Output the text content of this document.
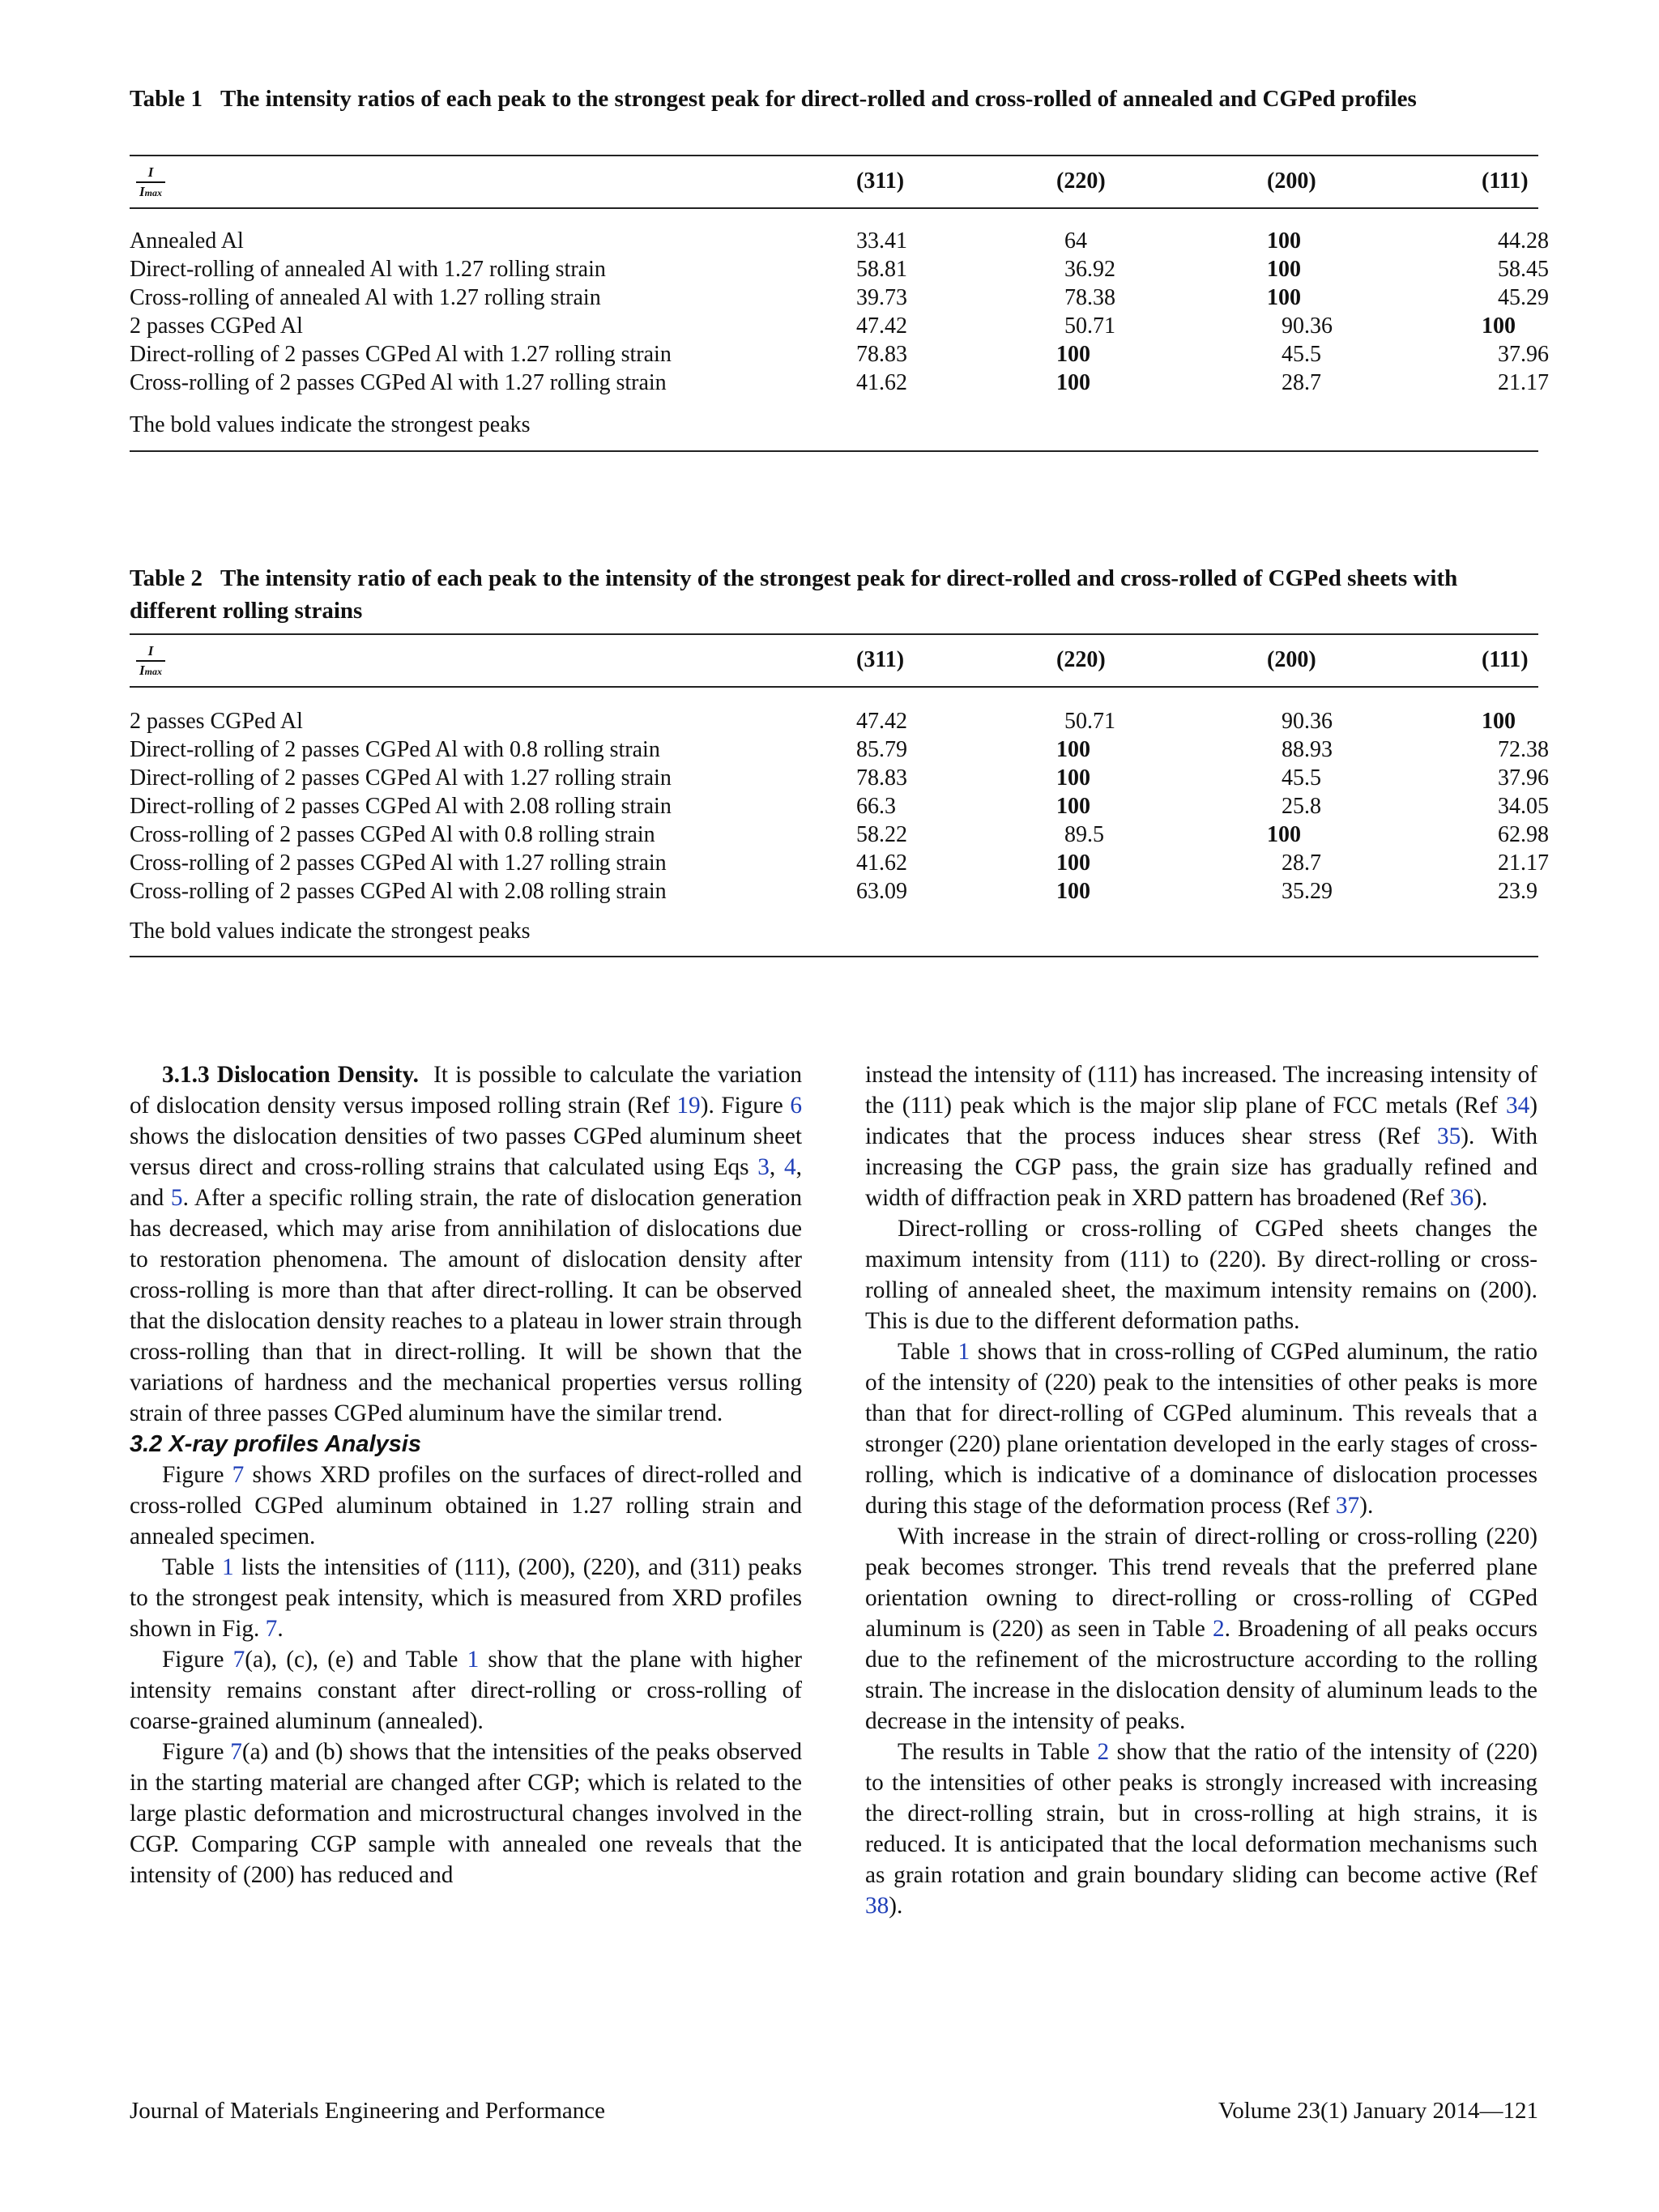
Table 1 The intensity ratios of each peak to the strongest peak for direct-rolled and cross-rolled of annealed and CGPed profiles
I
Imax	(311)	(220)	(200)	(111)
Annealed Al	33.41	64	100	44.28
Direct-rolling of annealed Al with 1.27 rolling strain	58.81	36.92	100	58.45
Cross-rolling of annealed Al with 1.27 rolling strain	39.73	78.38	100	45.29
2 passes CGPed Al	47.42	50.71	90.36	100
Direct-rolling of 2 passes CGPed Al with 1.27 rolling strain	78.83	100	45.5	37.96
Cross-rolling of 2 passes CGPed Al with 1.27 rolling strain	41.62	100	28.7	21.17
The bold values indicate the strongest peaks
Table 2 The intensity ratio of each peak to the intensity of the strongest peak for direct-rolled and cross-rolled of CGPed sheets with different rolling strains
I
Imax	(311)	(220)	(200)	(111)
2 passes CGPed Al	47.42	50.71	90.36	100
Direct-rolling of 2 passes CGPed Al with 0.8 rolling strain	85.79	100	88.93	72.38
Direct-rolling of 2 passes CGPed Al with 1.27 rolling strain	78.83	100	45.5	37.96
Direct-rolling of 2 passes CGPed Al with 2.08 rolling strain	66.3	100	25.8	34.05
Cross-rolling of 2 passes CGPed Al with 0.8 rolling strain	58.22	89.5	100	62.98
Cross-rolling of 2 passes CGPed Al with 1.27 rolling strain	41.62	100	28.7	21.17
Cross-rolling of 2 passes CGPed Al with 2.08 rolling strain	63.09	100	35.29	23.9
The bold values indicate the strongest peaks

3.1.3 Dislocation Density. It is possible to calculate the variation of dislocation density versus imposed rolling strain (Ref 19). Figure 6 shows the dislocation densities of two passes CGPed aluminum sheet versus direct and cross-rolling strains that calculated using Eqs 3, 4, and 5. After a specific rolling strain, the rate of dislocation generation has decreased, which may arise from annihilation of dislocations due to restoration phenomena. The amount of dislocation density after cross-rolling is more than that after direct-rolling. It can be observed that the dislocation density reaches to a plateau in lower strain through cross-rolling than that in direct-rolling. It will be shown that the variations of hardness and the mechanical properties versus rolling strain of three passes CGPed aluminum have the similar trend.

3.2 X-ray profiles Analysis

Figure 7 shows XRD profiles on the surfaces of direct-rolled and cross-rolled CGPed aluminum obtained in 1.27 rolling strain and annealed specimen.

Table 1 lists the intensities of (111), (200), (220), and (311) peaks to the strongest peak intensity, which is measured from XRD profiles shown in Fig. 7.

Figure 7(a), (c), (e) and Table 1 show that the plane with higher intensity remains constant after direct-rolling or cross-rolling of coarse-grained aluminum (annealed).

Figure 7(a) and (b) shows that the intensities of the peaks observed in the starting material are changed after CGP; which is related to the large plastic deformation and microstructural changes involved in the CGP. Comparing CGP sample with annealed one reveals that the intensity of (200) has reduced and

instead the intensity of (111) has increased. The increasing intensity of the (111) peak which is the major slip plane of FCC metals (Ref 34) indicates that the process induces shear stress (Ref 35). With increasing the CGP pass, the grain size has gradually refined and width of diffraction peak in XRD pattern has broadened (Ref 36).

Direct-rolling or cross-rolling of CGPed sheets changes the maximum intensity from (111) to (220). By direct-rolling or cross-rolling of annealed sheet, the maximum intensity remains on (200). This is due to the different deformation paths.

Table 1 shows that in cross-rolling of CGPed aluminum, the ratio of the intensity of (220) peak to the intensities of other peaks is more than that for direct-rolling of CGPed aluminum. This reveals that a stronger (220) plane orientation developed in the early stages of cross-rolling, which is indicative of a dominance of dislocation processes during this stage of the deformation process (Ref 37).

With increase in the strain of direct-rolling or cross-rolling (220) peak becomes stronger. This trend reveals that the preferred plane orientation owning to direct-rolling or cross-rolling of CGPed aluminum is (220) as seen in Table 2. Broadening of all peaks occurs due to the refinement of the microstructure according to the rolling strain. The increase in the dislocation density of aluminum leads to the decrease in the intensity of peaks.

The results in Table 2 show that the ratio of the intensity of (220) to the intensities of other peaks is strongly increased with increasing the direct-rolling strain, but in cross-rolling at high strains, it is reduced. It is anticipated that the local deformation mechanisms such as grain rotation and grain boundary sliding can become active (Ref 38).

Journal of Materials Engineering and Performance	Volume 23(1) January 2014—121
